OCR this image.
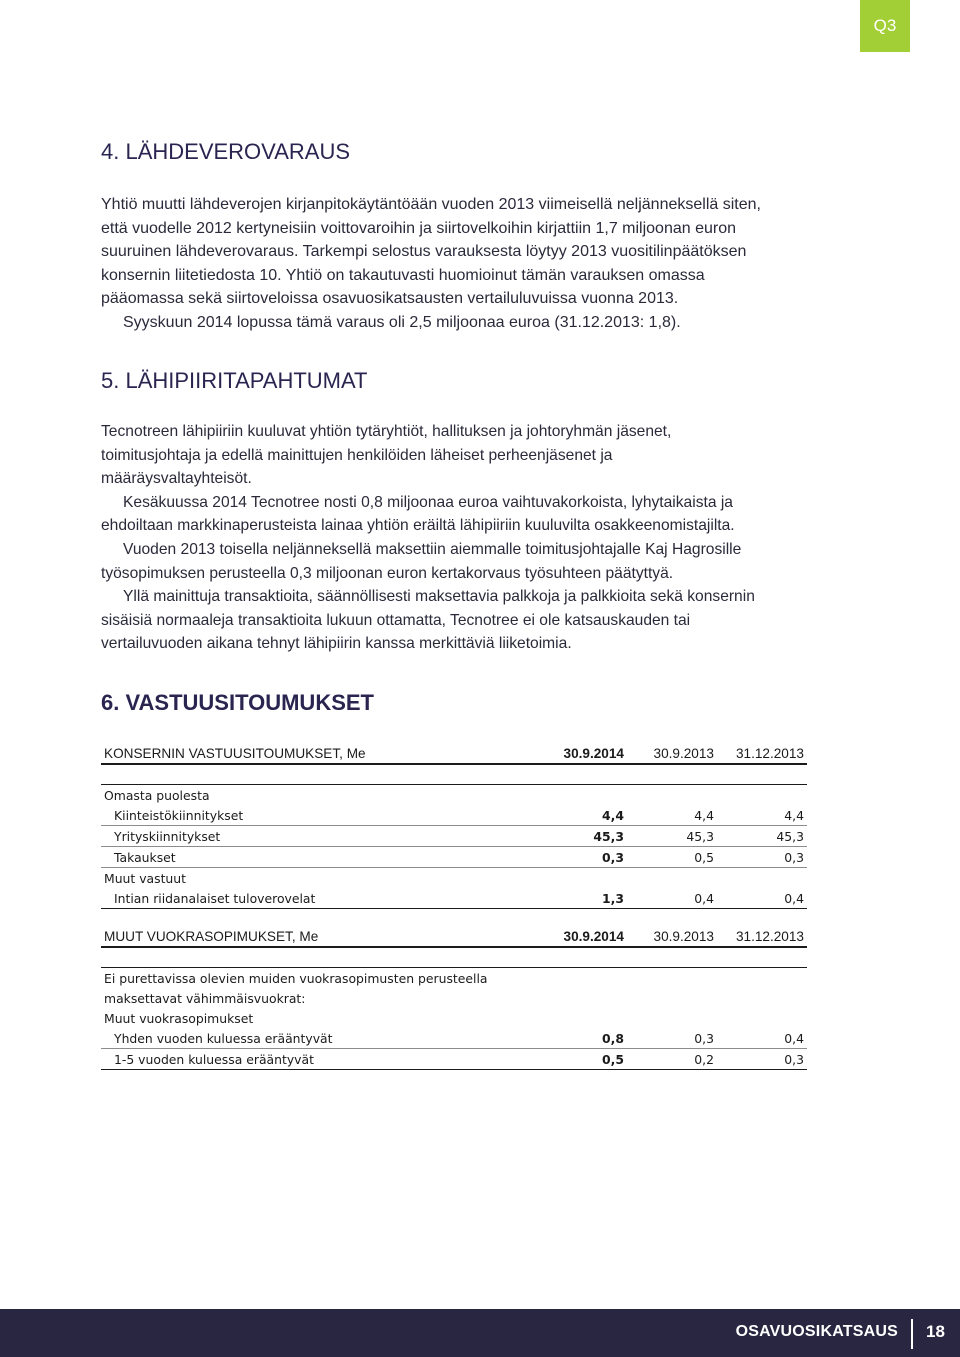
Q3
4. LÄHDEVEROVARAUS
Yhtiö muutti lähdeverojen kirjanpitokäytäntöään vuoden 2013 viimeisellä neljänneksellä siten,
että vuodelle 2012 kertyneisiin voittovaroihin ja siirtovelkoihin kirjattiin 1,7 miljoonan euron
suuruinen lähdeverovaraus. Tarkempi selostus varauksesta löytyy 2013 vuositilinpäätöksen
konsernin liitetiedosta 10. Yhtiö on takautuvasti huomioinut tämän varauksen omassa
pääomassa sekä siirtoveloissa osavuosikatsausten vertailuluvuissa vuonna 2013.
Syyskuun 2014 lopussa tämä varaus oli 2,5 miljoonaa euroa (31.12.2013: 1,8).
5. LÄHIPIIRITAPAHTUMAT
Tecnotreen lähipiiriin kuuluvat yhtiön tytäryhtiöt, hallituksen ja johtoryhmän jäsenet,
toimitusjohtaja ja edellä mainittujen henkilöiden läheiset perheenjäsenet ja
määräysvaltayhteisöt.
Kesäkuussa 2014 Tecnotree nosti 0,8 miljoonaa euroa vaihtuvakorkoista, lyhytaikaista ja
ehdoiltaan markkinaperusteista lainaa yhtiön eräiltä lähipiiriin kuuluvilta osakkeenomistajilta.
Vuoden 2013 toisella neljänneksellä maksettiin aiemmalle toimitusjohtajalle Kaj Hagrosille
työsopimuksen perusteella 0,3 miljoonan euron kertakorvaus työsuhteen päätyttyä.
Yllä mainittuja transaktioita, säännöllisesti maksettavia palkkoja ja palkkioita sekä konsernin
sisäisiä normaaleja transaktioita lukuun ottamatta, Tecnotree ei ole katsauskauden tai
vertailuvuoden aikana tehnyt lähipiirin kanssa merkittäviä liiketoimia.
6. VASTUUSITOUMUKSET
KONSERNIN VASTUUSITOUMUKSET, Me	30.9.2014	30.9.2013	31.12.2013

Omasta puolesta			
Kiinteistökiinnitykset	4,4	4,4	4,4
Yrityskiinnitykset	45,3	45,3	45,3
Takaukset	0,3	0,5	0,3
Muut vastuut			
Intian riidanalaiset tuloverovelat	1,3	0,4	0,4
MUUT VUOKRASOPIMUKSET, Me	30.9.2014	30.9.2013	31.12.2013

Ei purettavissa olevien muiden vuokrasopimusten perusteella			
maksettavat vähimmäisvuokrat:			
Muut vuokrasopimukset			
Yhden vuoden kuluessa erääntyvät	0,8	0,3	0,4
1-5 vuoden kuluessa erääntyvät	0,5	0,2	0,3
OSAVUOSIKATSAUS 18
